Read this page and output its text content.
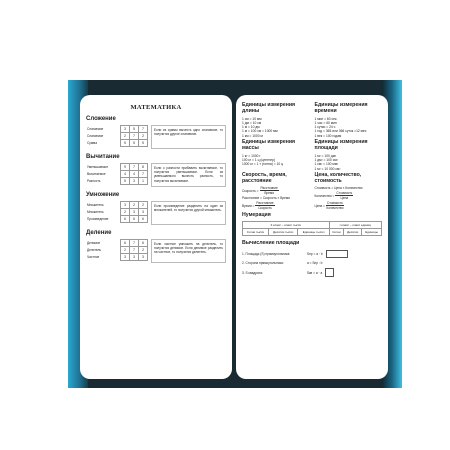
МАТЕМАТИКА
Сложение
Слагаемое	3	5	7
Слагаемое	2	7	2
Сумма	5	5	5
Если из суммы вычесть одно слагаемое, то получится другое слагаемое.
Вычитание
Уменьшаемое	9	7	8
Вычитаемое	4	4	7
Разность	5	3	1
Если к разности прибавить вычитаемое, то получится уменьшаемое. Если из уменьшаемого вычесть разность, то получится вычитаемое.
Умножение
Множитель	3	2	2
Множитель	2	3	3
Произведение	6	6	6
Если произведение разделить на один из множителей, то получится другой множитель.
Деление
Делимое	6	7	6
Делитель	2	7	2
Частное	3	3	3
Если частное умножить на делитель, то получится делимое. Если делимое разделить на частное, то получится делитель.
Единицы измерения длины
1 см = 10 мм
1 дм = 10 см
1 м = 10 дм
1 м = 100 см = 1000 мм
1 км = 1000 м
Единицы измерения времени
1 мин = 60 сек.
1 час = 60 мин
1 сутки = 24 ч
1 год = 365 или 366 суток =12 мес
1 век = 100 годам
Единицы измерения массы
1 кг = 1000 г
100 кг = 1 ц (центнер)
1000 кг = 1 т (тонна) = 10 ц
Единицы измерения площади
1 м² = 100 дм²
1 дм² = 100 см²
1 см² = 100 мм²
1 м² = 10 000 см²
Скорость, время, расстояние
Скорость = $\frac{\text{Расстояние}}{\text{Время}}$
Расстояние = Скорость × Время
Время = $\frac{\text{Расстояние}}{\text{Скорость}}$
Цена, количество, стоимость
Стоимость = Цена × Количество
Количество = $\frac{\text{Стоимость}}{\text{Цена}}$
Цена = $\frac{\text{Стоимость}}{\text{Количество}}$
Нумерация
II класс – класс тысяч			I класс – класс единиц		
Сотни тысяч	Десятки тысяч	Единицы тысяч	Сотни	Десятки	Единицы
Вычисление площади
1. Площадь (S) прямоугольника:	Sпр = a · b
2. Сторона прямоугольника:	a = Sпр : b
3. S квадрата:	Sкв = a · a
